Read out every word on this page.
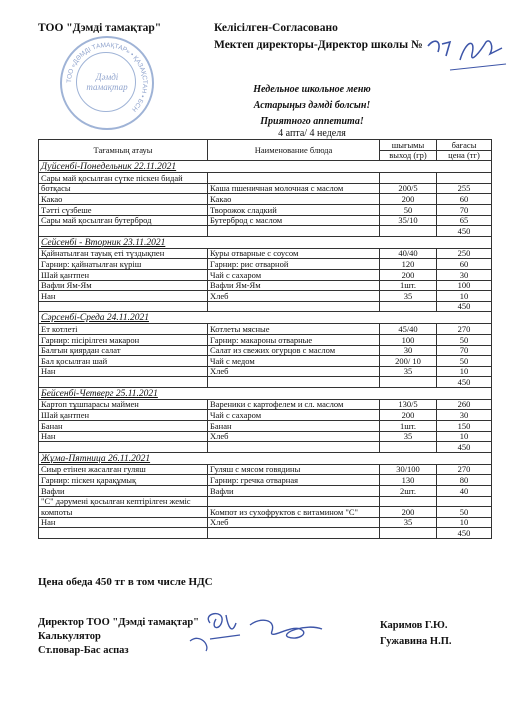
ТОО "Дэмді тамақтар"	Келісілген-Согласовано
Мектеп директоры-Директор школы №
ТОО «ДӘМДІ ТАМАҚТАР» • ҚАЗАҚСТАН • БСН
Дәмді
тамақтар	Недельное школьное меню
Астарыңыз дәмді болсын!
Приятного аппетита!
4 апта/ 4 неделя
Тағамның атауы	Наименование блюда	шығымы	бағасы
		выход (гр)	цена (тг)
Дүйсенбі-Понедельник 22.11.2021			
Сары май қосылған сүтке піскен бидай			
ботқасы	Каша пшеничная молочная с маслом	200/5	255
Какао	Какао	200	60
Тәтті сүзбеше	Творожок сладкий	50	70
Сары май қосылған бутерброд	Бутерброд с маслом	35/10	65
			450
Сейсенбі - Вторник 23.11.2021			
Қайнатылған тауық еті түздықпен	Куры отварные с соусом	40/40	250
Гарнир: қайнатылған күріш	Гарнир: рис отварной	120	60
Шай қантпен	Чай с сахаром	200	30
Вафли Ям-Ям	Вафли Ям-Ям	1шт.	100
Нан	Хлеб	35	10
			450
Сәрсенбі-Среда 24.11.2021			
Ет котлеті	Котлеты мясные	45/40	270
Гарнир: пісірілген макарон	Гарнир: макароны отварные	100	50
Балғын қиярдан салат	Салат из свежих огурцов с маслом	30	70
Бал қосылған шай	Чай с медом	200/ 10	50
Нан	Хлеб	35	10
			450
Бейсенбі-Четверг 25.11.2021			
Картоп тұшпарасы маймен	Вареники с картофелем и сл. маслом	130/5	260
Шай қантпен	Чай с сахаром	200	30
Банан	Банан	1шт.	150
Нан	Хлеб	35	10
			450
Жұма-Пятница 26.11.2021			
Сиыр етінен жасалған гуляш	Гуляш с мясом говядины	30/100	270
Гарнир: піскен қарақұмық	Гарнир: гречка отварная	130	80
Вафли	Вафли	2шт.	40
"С" дәрумені қосылған кептірілген жеміс			
компоты	Компот из сухофруктов с витамином "С"	200	50
Нан	Хлеб	35	10
			450
Цена обеда 450 тг в том числе НДС
Директор ТОО "Дэмді тамақтар"
Калькулятор
Ст.повар-Бас аспаз
Каримов Г.Ю.
Гужавина Н.П.
